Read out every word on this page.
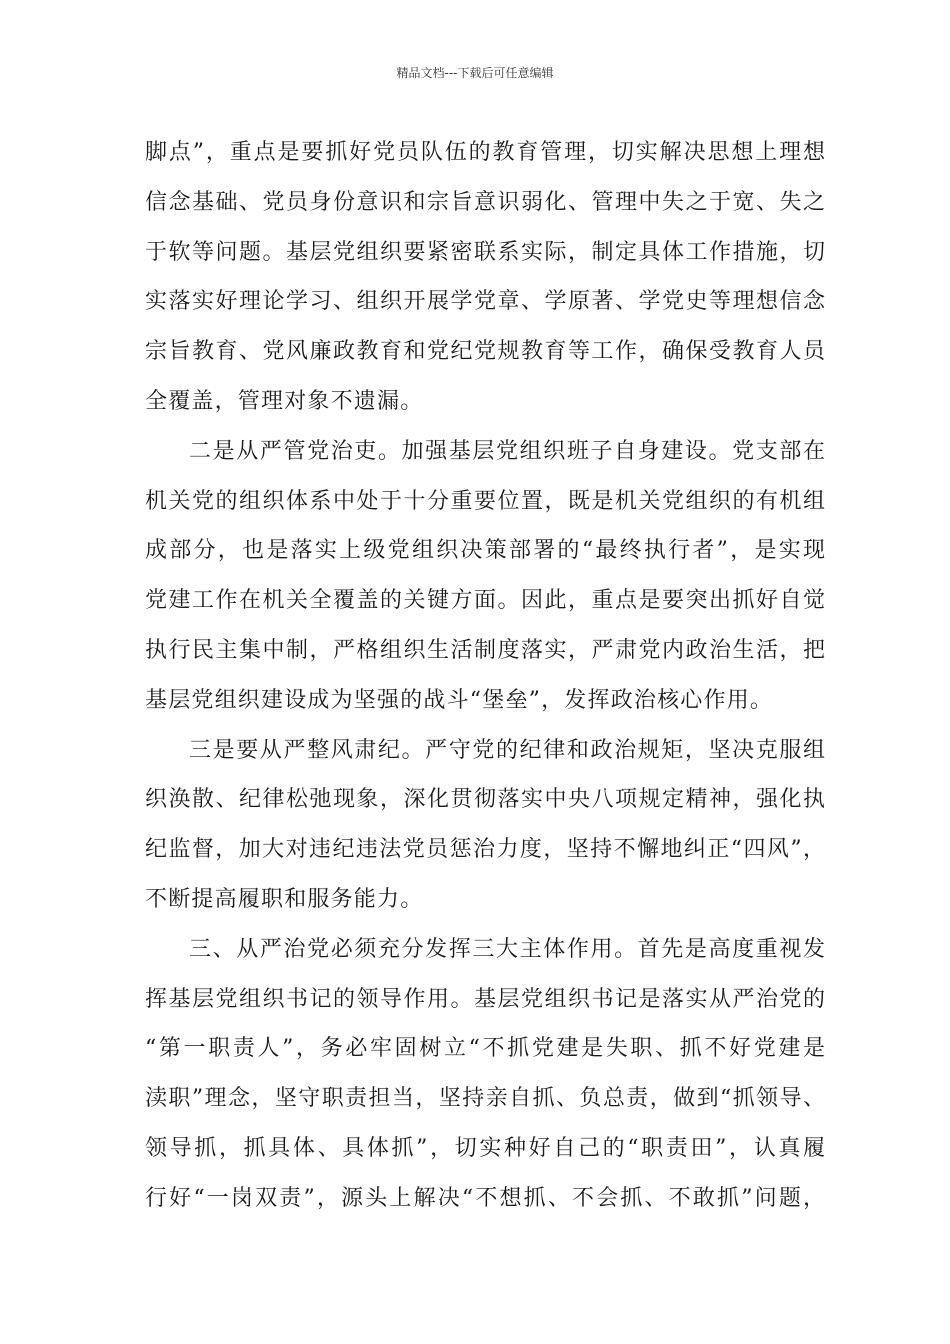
精品文档---下载后可任意编辑
脚点”，重点是要抓好党员队伍的教育管理，切实解决思想上理想
信念基础、党员身份意识和宗旨意识弱化、管理中失之于宽、失之
于软等问题。基层党组织要紧密联系实际，制定具体工作措施，切
实落实好理论学习、组织开展学党章、学原著、学党史等理想信念
宗旨教育、党风廉政教育和党纪党规教育等工作，确保受教育人员
全覆盖，管理对象不遗漏。
二是从严管党治吏。加强基层党组织班子自身建设。党支部在
机关党的组织体系中处于十分重要位置，既是机关党组织的有机组
成部分，也是落实上级党组织决策部署的“最终执行者”，是实现
党建工作在机关全覆盖的关键方面。因此，重点是要突出抓好自觉
执行民主集中制，严格组织生活制度落实，严肃党内政治生活，把
基层党组织建设成为坚强的战斗“堡垒”，发挥政治核心作用。
三是要从严整风肃纪。严守党的纪律和政治规矩，坚决克服组
织涣散、纪律松弛现象，深化贯彻落实中央八项规定精神，强化执
纪监督，加大对违纪违法党员惩治力度，坚持不懈地纠正“四风”，
不断提高履职和服务能力。
三、从严治党必须充分发挥三大主体作用。首先是高度重视发
挥基层党组织书记的领导作用。基层党组织书记是落实从严治党的
“第一职责人”，务必牢固树立“不抓党建是失职、抓不好党建是
渎职”理念，坚守职责担当，坚持亲自抓、负总责，做到“抓领导、
领导抓，抓具体、具体抓”，切实种好自己的“职责田”，认真履
行好“一岗双责”，源头上解决“不想抓、不会抓、不敢抓”问题，
